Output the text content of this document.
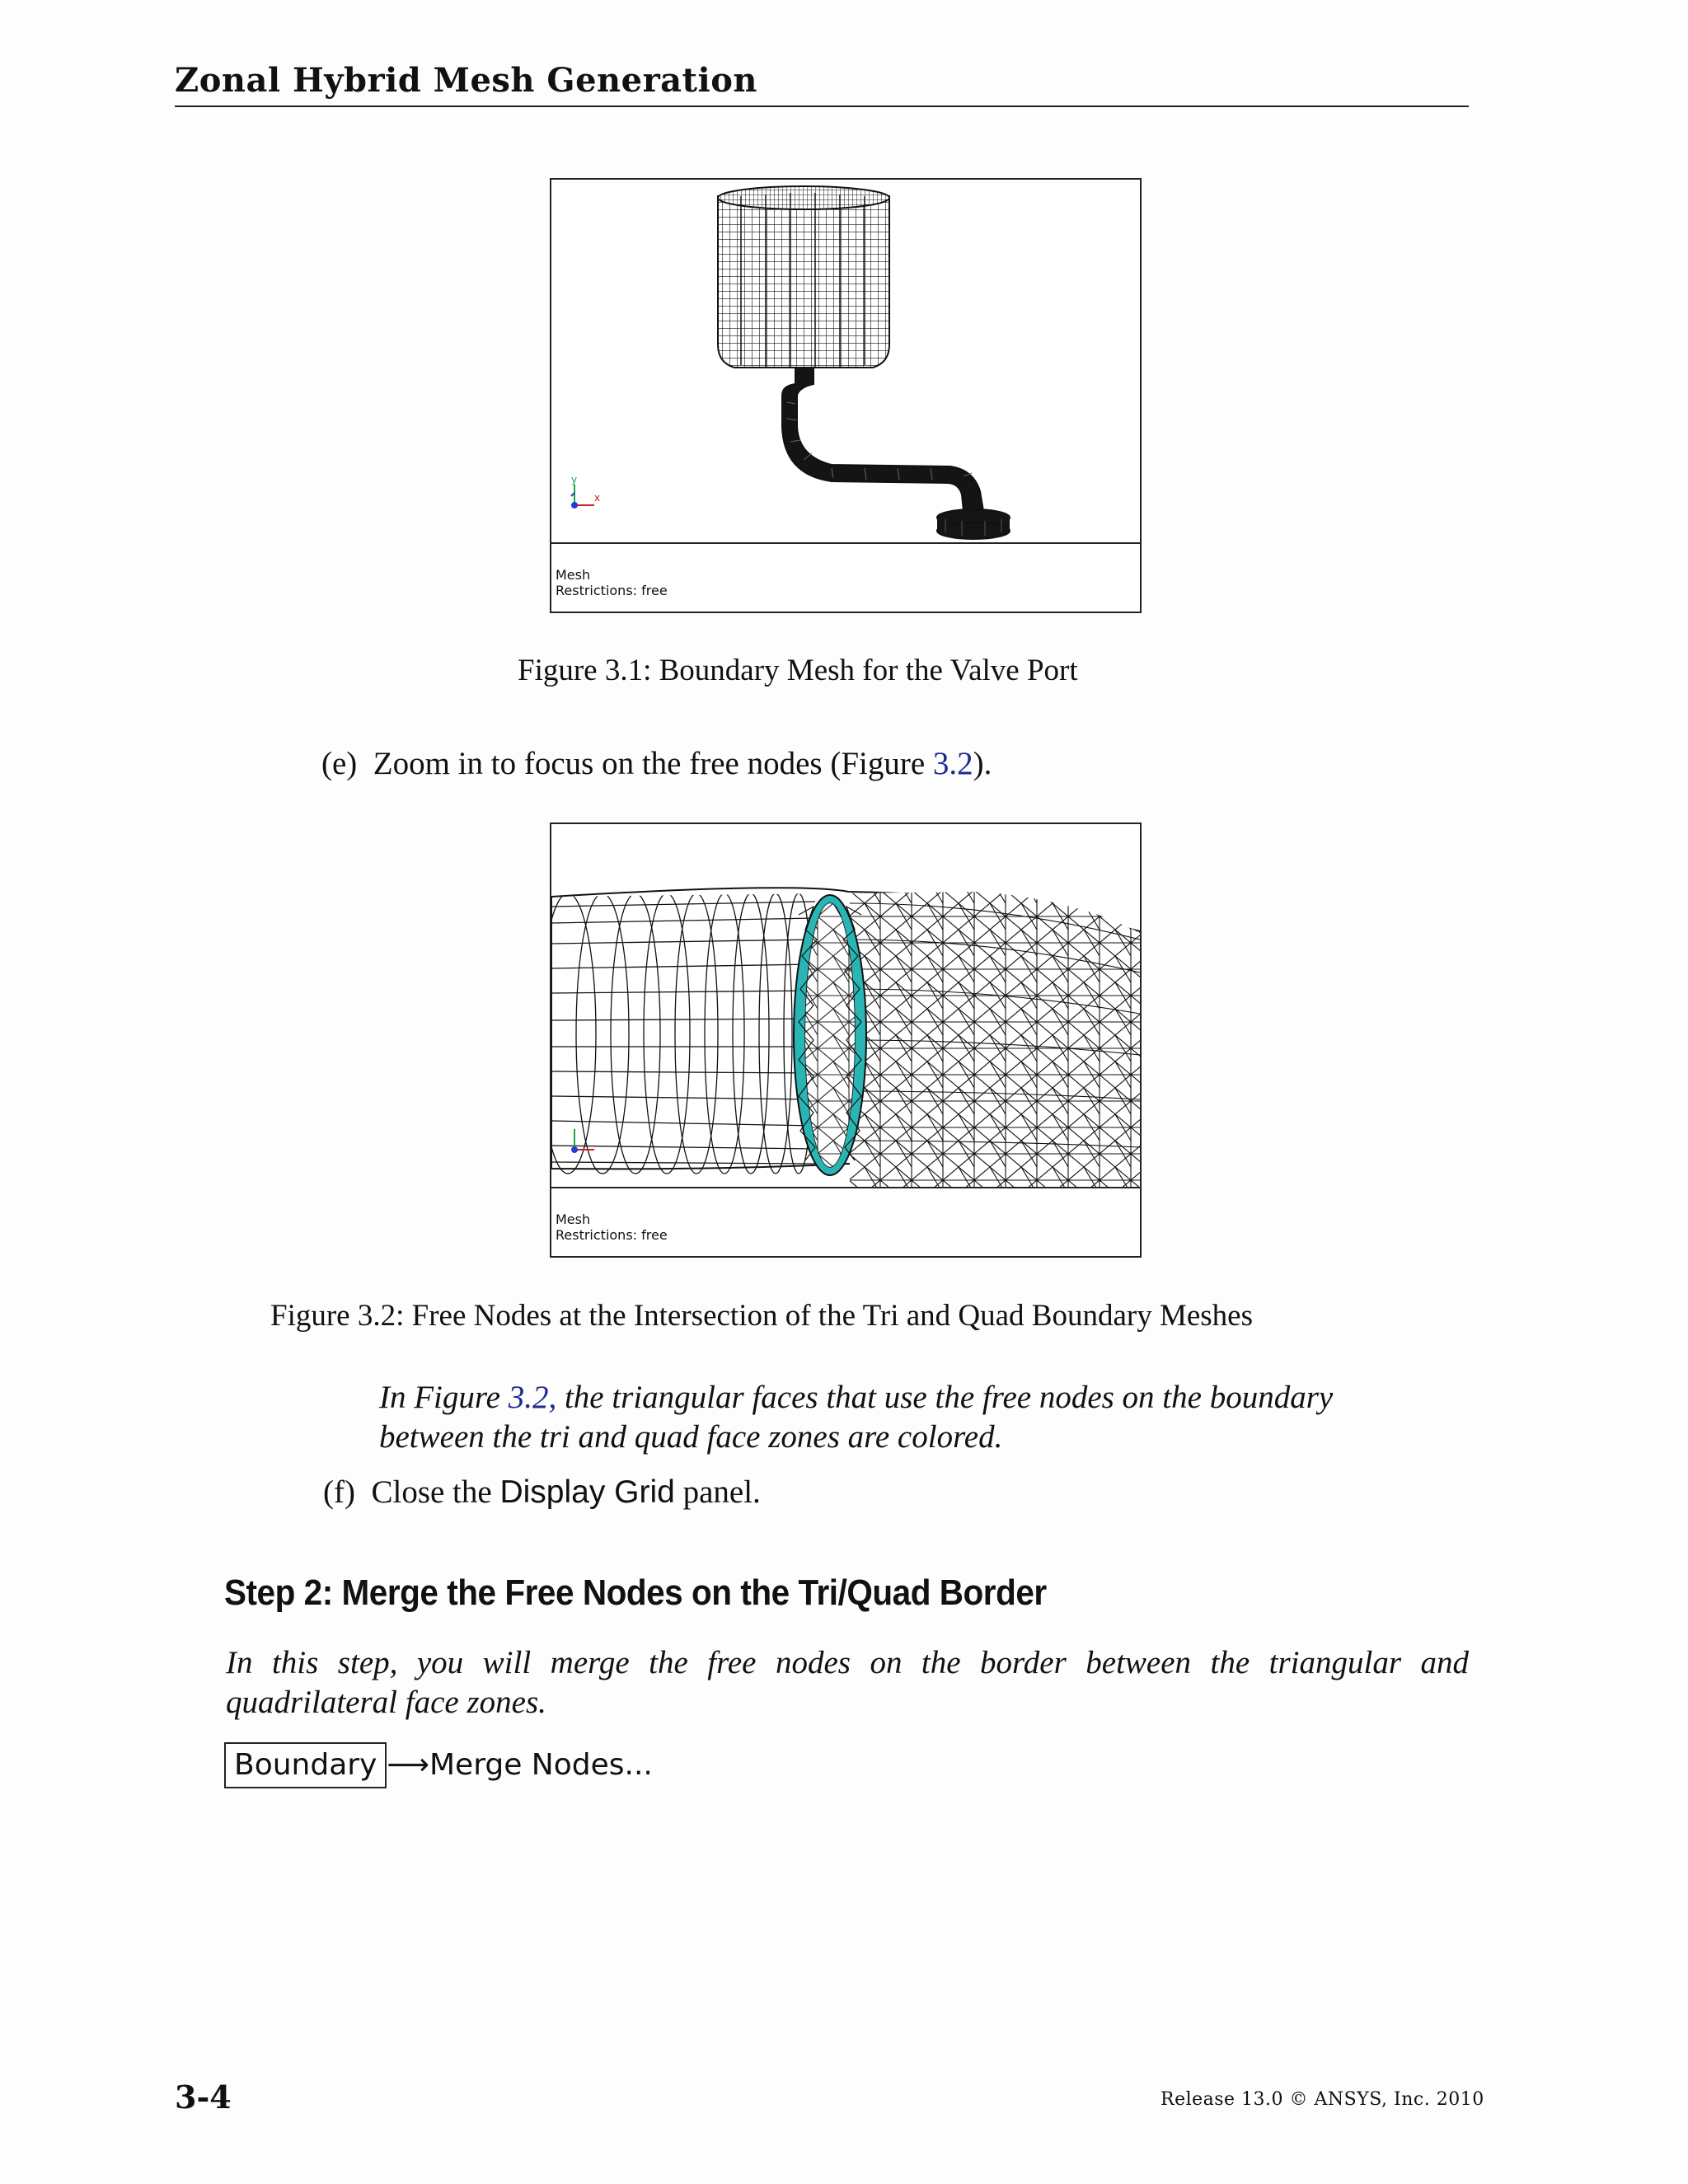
Zonal Hybrid Mesh Generation
x
y
Mesh
Restrictions: free
Figure 3.1: Boundary Mesh for the Valve Port
(e) Zoom in to focus on the free nodes (Figure 3.2).
Mesh
Restrictions: free
Figure 3.2: Free Nodes at the Intersection of the Tri and Quad Boundary Meshes
In Figure 3.2, the triangular faces that use the free nodes on the boundary
between the tri and quad face zones are colored.
(f) Close the Display Grid panel.
Step 2: Merge the Free Nodes on the Tri/Quad Border
In this step, you will merge the free nodes on the border between the triangular and
quadrilateral face zones.
Boundary ⟶Merge Nodes...
3-4	Release 13.0 © ANSYS, Inc. 2010
